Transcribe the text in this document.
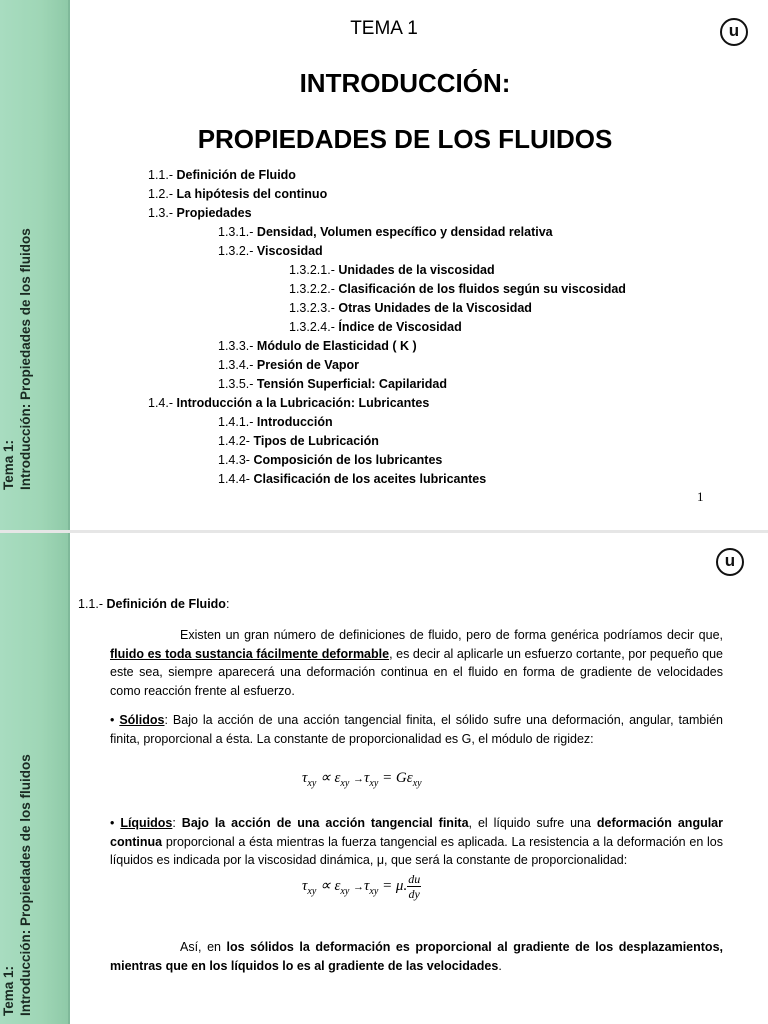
Tema 1: Introducción: Propiedades de los fluidos
u
TEMA 1
INTRODUCCIÓN:
PROPIEDADES DE LOS FLUIDOS
1.1.- Definición de Fluido
1.2.- La hipótesis del continuo
1.3.- Propiedades
1.3.1.- Densidad, Volumen específico y densidad relativa
1.3.2.- Viscosidad
1.3.2.1.- Unidades de la viscosidad
1.3.2.2.- Clasificación de los fluidos según su viscosidad
1.3.2.3.- Otras Unidades de la Viscosidad
1.3.2.4.- Índice de Viscosidad
1.3.3.- Módulo de Elasticidad ( K )
1.3.4.- Presión de Vapor
1.3.5.- Tensión Superficial: Capilaridad
1.4.- Introducción a la Lubricación: Lubricantes
1.4.1.- Introducción
1.4.2- Tipos de Lubricación
1.4.3- Composición de los lubricantes
1.4.4- Clasificación de los aceites lubricantes
1
Tema 1: Introducción: Propiedades de los fluidos
u
1.1.- Definición de Fluido:
Existen un gran número de definiciones de fluido, pero de forma genérica podríamos decir que, fluido es toda sustancia fácilmente deformable, es decir al aplicarle un esfuerzo cortante, por pequeño que este sea, siempre aparecerá una deformación continua en el fluido en forma de gradiente de velocidades como reacción frente al esfuerzo.
• Sólidos: Bajo la acción de una acción tangencial finita, el sólido sufre una deformación, angular, también finita, proporcional a ésta. La constante de proporcionalidad es G, el módulo de rigidez:
$\tau_{xy} \propto \varepsilon_{xy} \to\tau_{xy} = G\varepsilon_{xy}$
• Líquidos: Bajo la acción de una acción tangencial finita, el líquido sufre una deformación angular continua proporcional a ésta mientras la fuerza tangencial es aplicada. La resistencia a la deformación en los líquidos es indicada por la viscosidad dinámica, μ, que será la constante de proporcionalidad:
$\tau_{xy} \propto \varepsilon_{xy} \to\tau_{xy} = \mu$. $\frac{du}{dy}$
Así, en los sólidos la deformación es proporcional al gradiente de los desplazamientos, mientras que en los líquidos lo es al gradiente de las velocidades.
